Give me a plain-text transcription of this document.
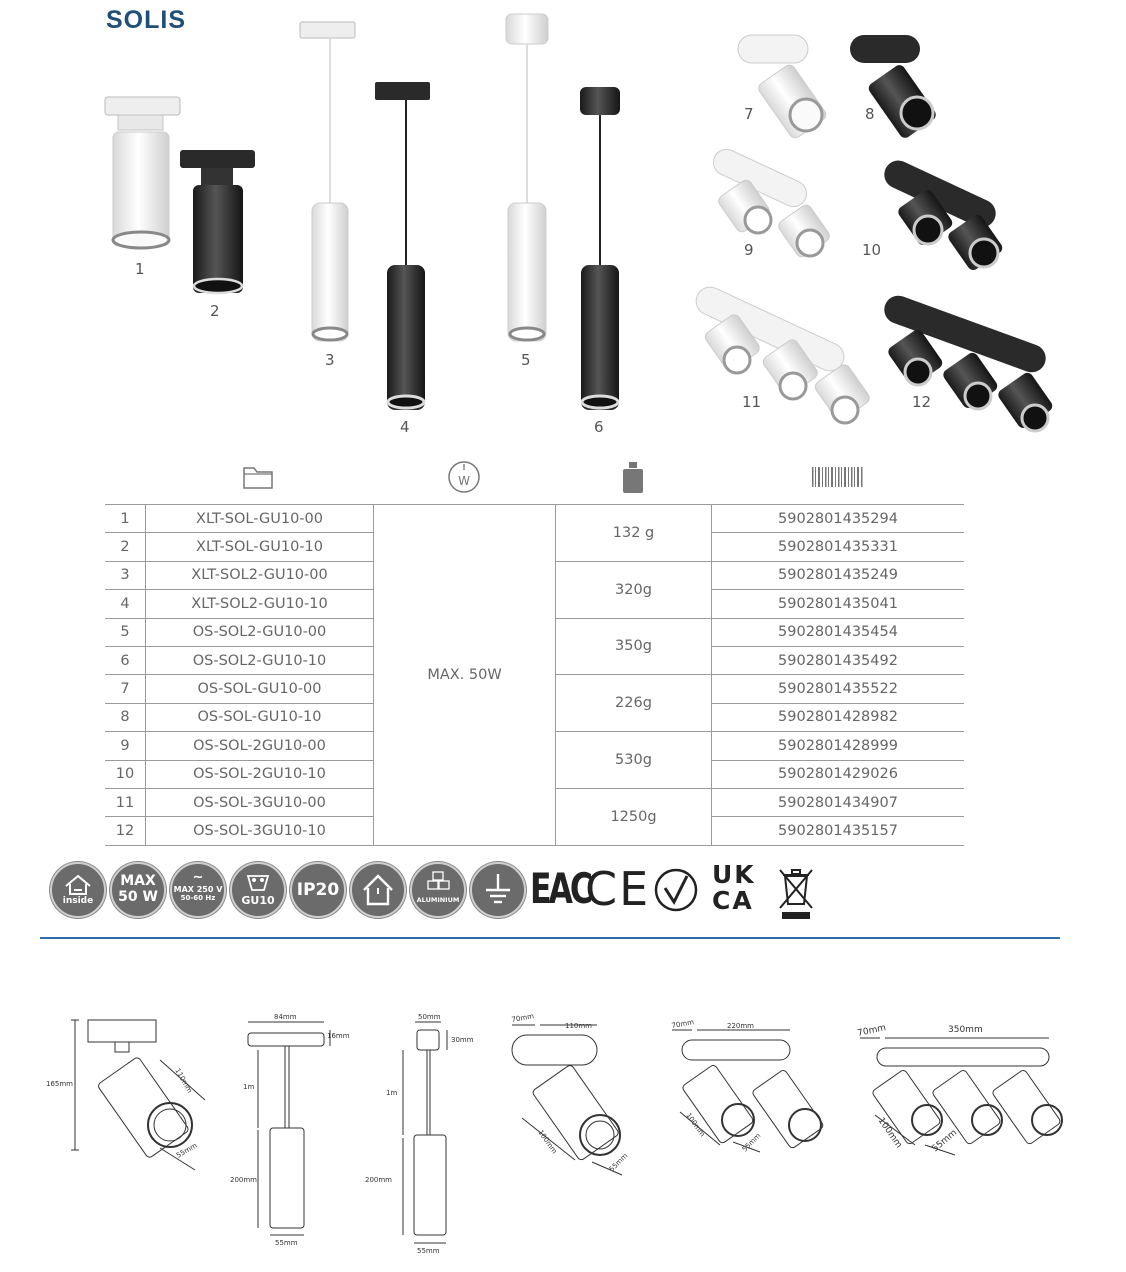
SOLIS
1
2
3
4
5
6
7	8
9	10
11	12
W
1	XLT-SOL-GU10-00	MAX. 50W	132 g	5902801435294
2	XLT-SOL-GU10-10			5902801435331
3	XLT-SOL2-GU10-00		320g	5902801435249
4	XLT-SOL2-GU10-10			5902801435041
5	OS-SOL2-GU10-00		350g	5902801435454
6	OS-SOL2-GU10-10			5902801435492
7	OS-SOL-GU10-00		226g	5902801435522
8	OS-SOL-GU10-10			5902801428982
9	OS-SOL-2GU10-00		530g	5902801428999
10	OS-SOL-2GU10-10			5902801429026
11	OS-SOL-3GU10-00		1250g	5902801434907
12	OS-SOL-3GU10-10			5902801435157
inside
MAX
50 W
∼
MAX 250 V
50-60 Hz	GU10
IP20	ALUMINIUM EAC
CE UK
CA
165mm	110mm
55mm
84mm
16mm
1m
200mm
55mm
50mm
30mm
1m
200mm
55mm
70mm
110mm
100mm
55mm
70mm	220mm
100mm
55mm
70mm	350mm
100mm	55mm
